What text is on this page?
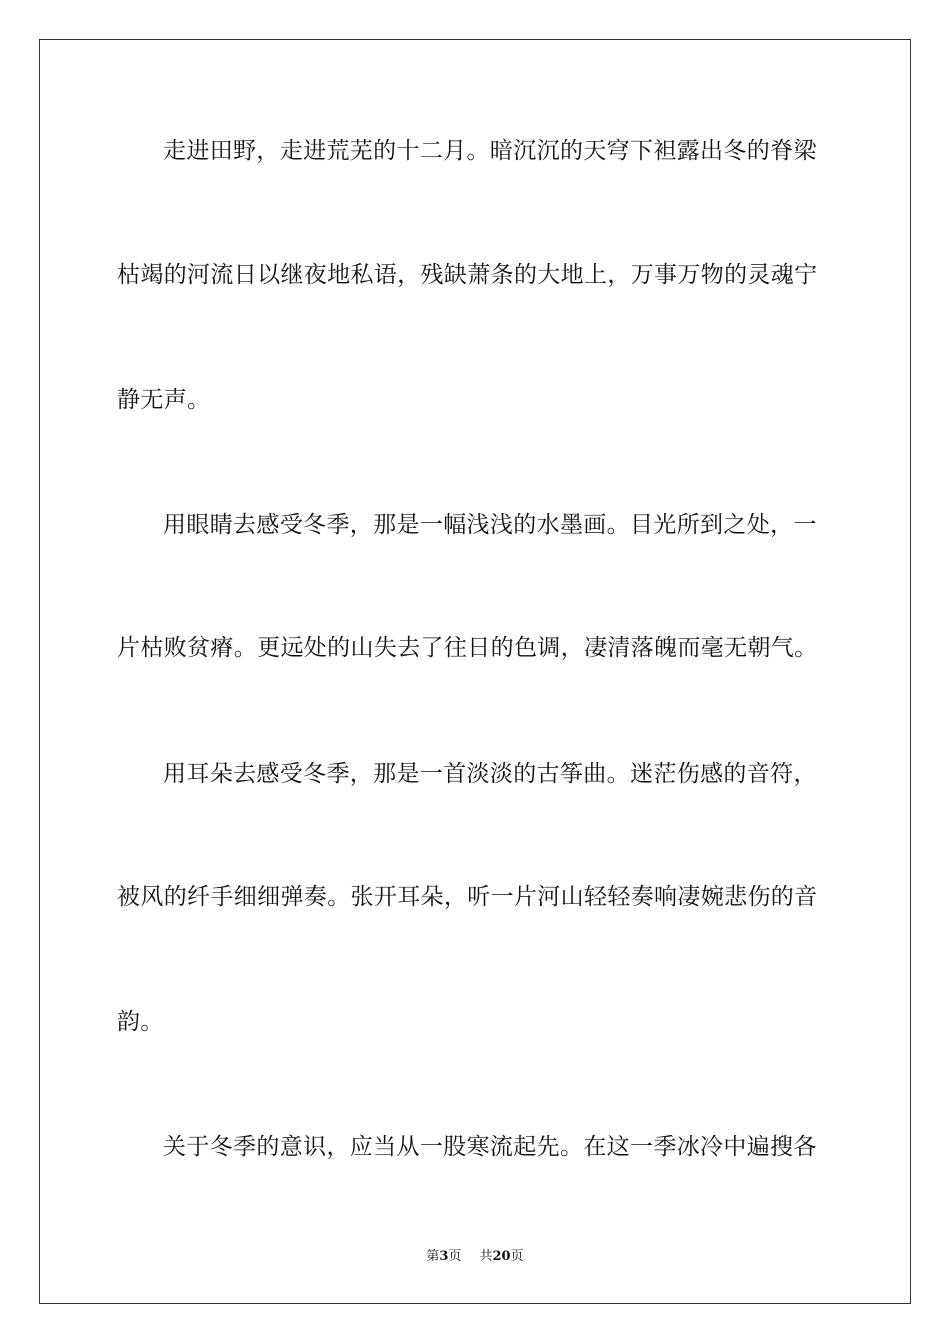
走进田野，走进荒芜的十二月。暗沉沉的天穹下袒露出冬的脊梁
枯竭的河流日以继夜地私语，残缺萧条的大地上，万事万物的灵魂宁
静无声。
用眼睛去感受冬季，那是一幅浅浅的水墨画。目光所到之处，一
片枯败贫瘠。更远处的山失去了往日的色调，凄清落魄而毫无朝气。
用耳朵去感受冬季，那是一首淡淡的古筝曲。迷茫伤感的音符，
被风的纤手细细弹奏。张开耳朵，听一片河山轻轻奏响凄婉悲伤的音
韵。
关于冬季的意识，应当从一股寒流起先。在这一季冰冷中遍搜各
第3页 共20页
